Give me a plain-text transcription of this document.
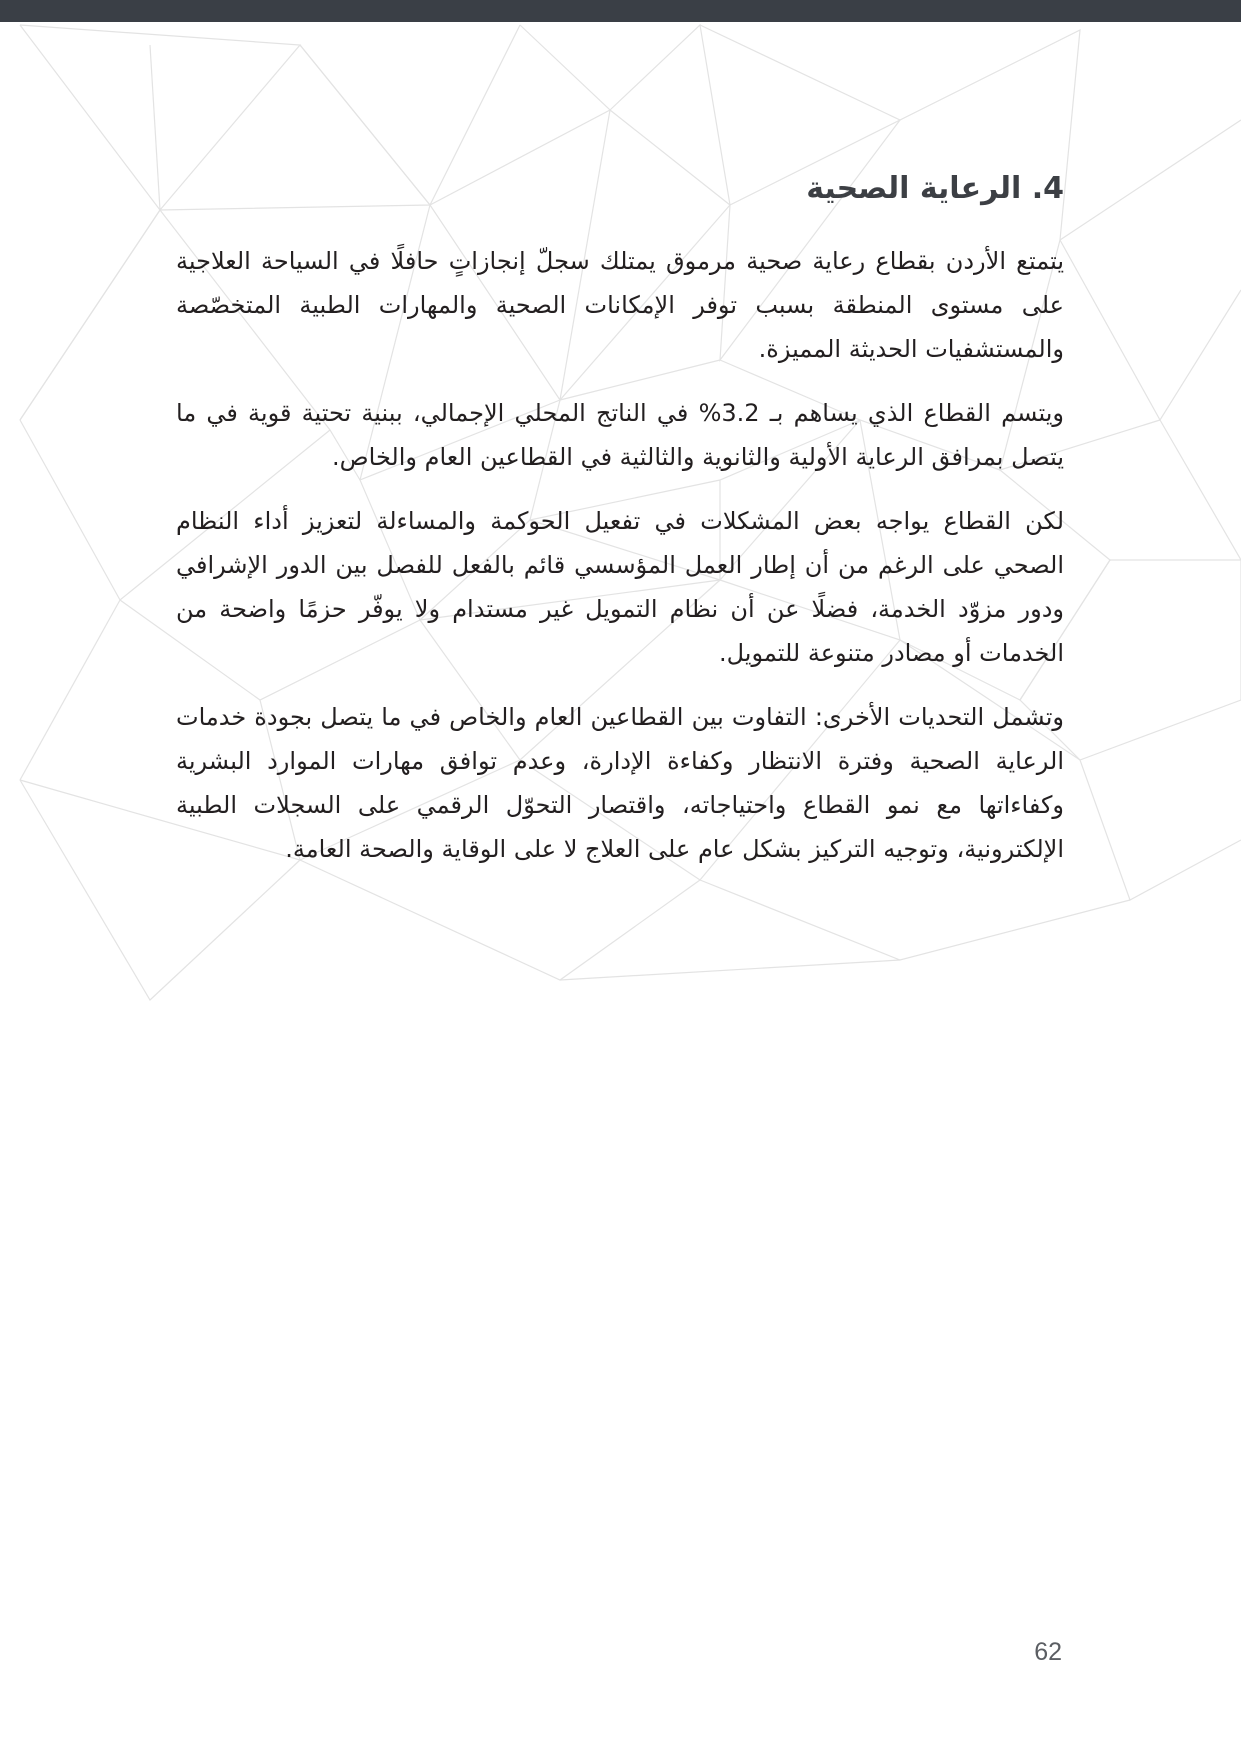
4. الرعاية الصحية

يتمتع الأردن بقطاع رعاية صحية مرموق يمتلك سجلّ إنجازاتٍ حافلًا في السياحة العلاجية على مستوى المنطقة بسبب توفر الإمكانات الصحية والمهارات الطبية المتخصّصة والمستشفيات الحديثة المميزة.

ويتسم القطاع الذي يساهم بـ 3.2% في الناتج المحلي الإجمالي، ببنية تحتية قوية في ما يتصل بمرافق الرعاية الأولية والثانوية والثالثية في القطاعين العام والخاص.

لكن القطاع يواجه بعض المشكلات في تفعيل الحوكمة والمساءلة لتعزيز أداء النظام الصحي على الرغم من أن إطار العمل المؤسسي قائم بالفعل للفصل بين الدور الإشرافي ودور مزوّد الخدمة، فضلًا عن أن نظام التمويل غير مستدام ولا يوفّر حزمًا واضحة من الخدمات أو مصادر متنوعة للتمويل.

وتشمل التحديات الأخرى: التفاوت بين القطاعين العام والخاص في ما يتصل بجودة خدمات الرعاية الصحية وفترة الانتظار وكفاءة الإدارة، وعدم توافق مهارات الموارد البشرية وكفاءاتها مع نمو القطاع واحتياجاته، واقتصار التحوّل الرقمي على السجلات الطبية الإلكترونية، وتوجيه التركيز بشكل عام على العلاج لا على الوقاية والصحة العامة.

62
